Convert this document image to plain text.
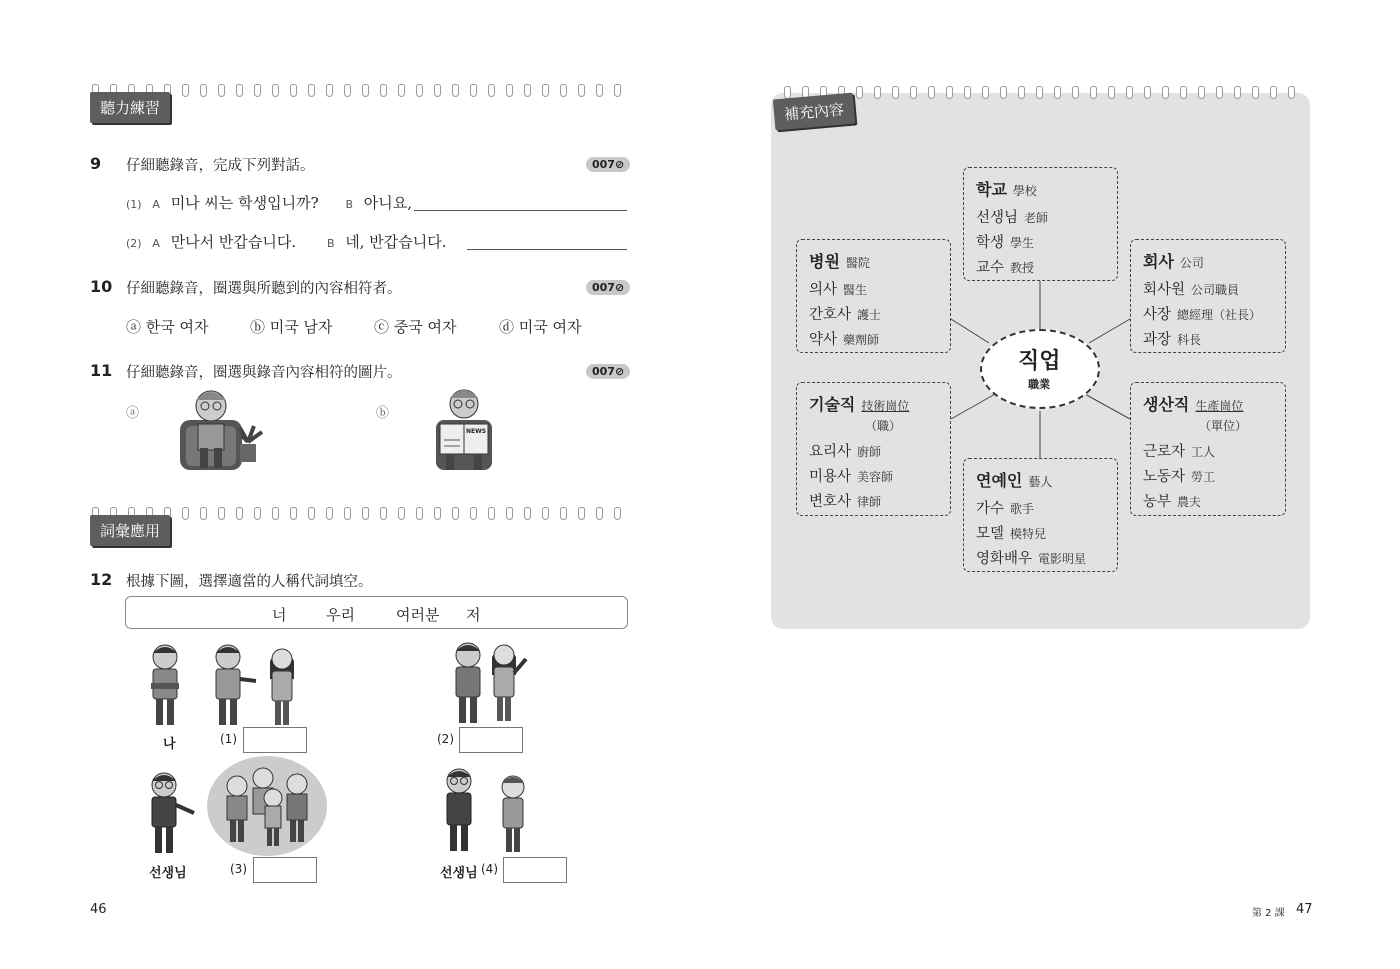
聽力練習
9 仔細聽錄音，完成下列對話。	007⊘
(1) A 미나 씨는 학생입니까? B 아니요,
(2) A 만나서 반갑습니다.	B 네, 반갑습니다.
10 仔細聽錄音，圈選與所聽到的內容相符者。	007⊘
ⓐ 한국 여자	ⓑ 미국 남자	ⓒ 중국 여자	ⓓ 미국 여자
11 仔細聽錄音，圈選與錄音內容相符的圖片。	007⊘
ⓐ	ⓑ
NEWS
詞彙應用
12 根據下圖，選擇適當的人稱代詞填空。
너	우리	여러분 저
나	(1)	(2)
선생님	(3)	선생님 (4)
46
補充內容
직업
職業
학교 學校
선생님 老師
학생 學生
교수 教授
병원 醫院
의사 醫生
간호사 護士
약사 藥劑師
회사 公司
회사원 公司職員
사장 總經理（社長）
과장 科長
기술직 技術崗位
（職）
요리사 廚師
미용사 美容師
변호사 律師
생산직 生產崗位
（單位）
근로자 工人
노동자 勞工
농부 農夫
연예인 藝人
가수 歌手
모델 模特兒
영화배우 電影明星
第 2 課 47
